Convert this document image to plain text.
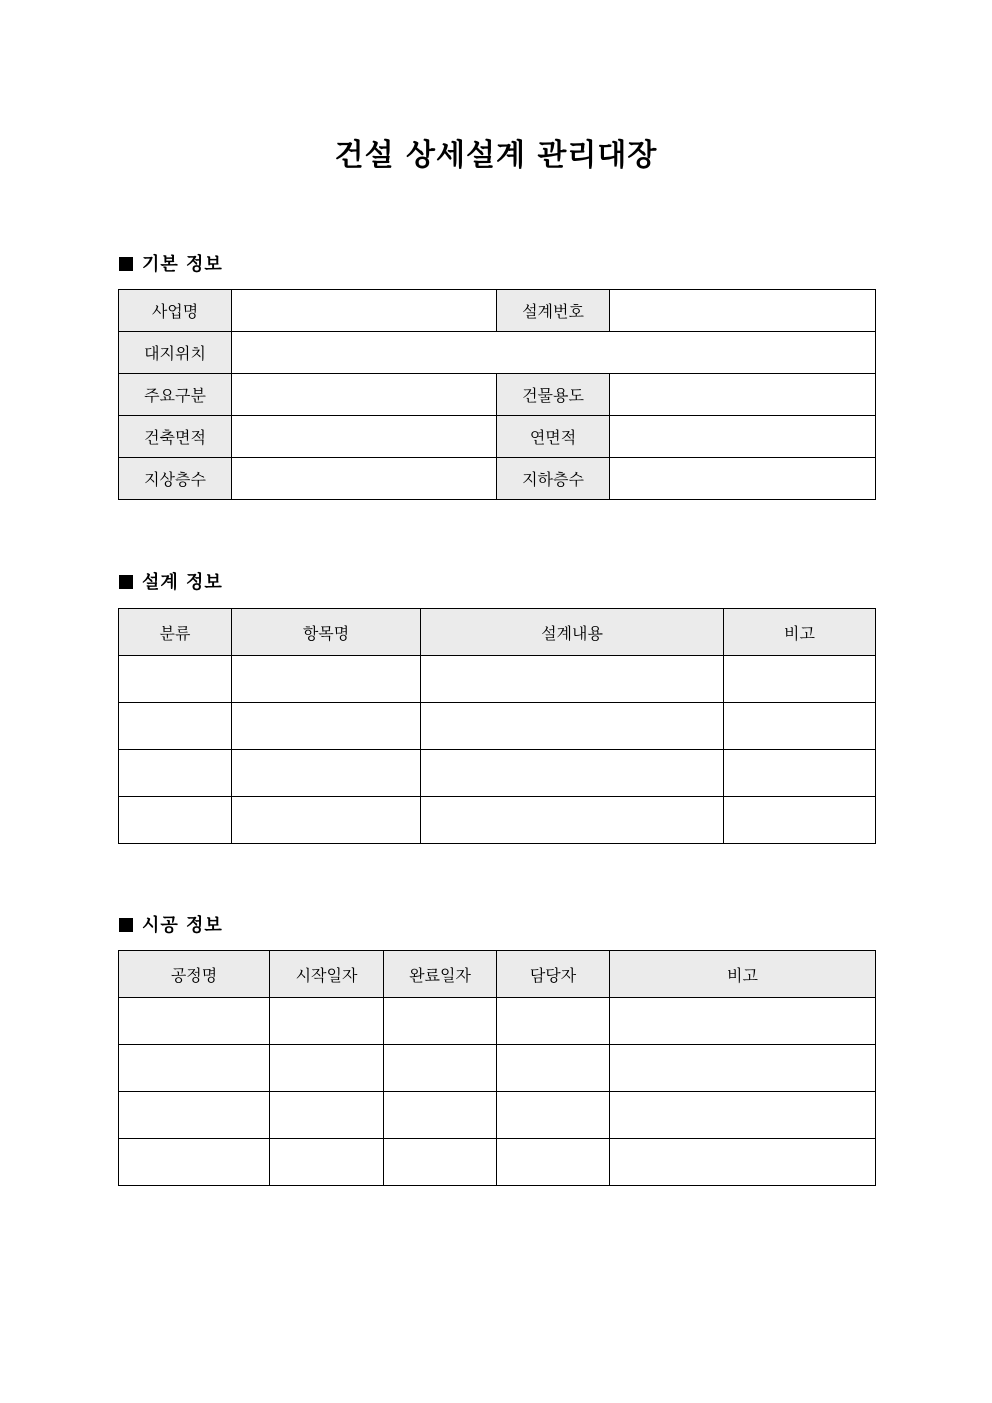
건설 상세설계 관리대장
기본 정보
사업명		설계번호	
대지위치			
주요구분		건물용도	
건축면적		연면적	
지상층수		지하층수	
설계 정보
분류	항목명	설계내용	비고

시공 정보
공정명	시작일자	완료일자	담당자	비고
